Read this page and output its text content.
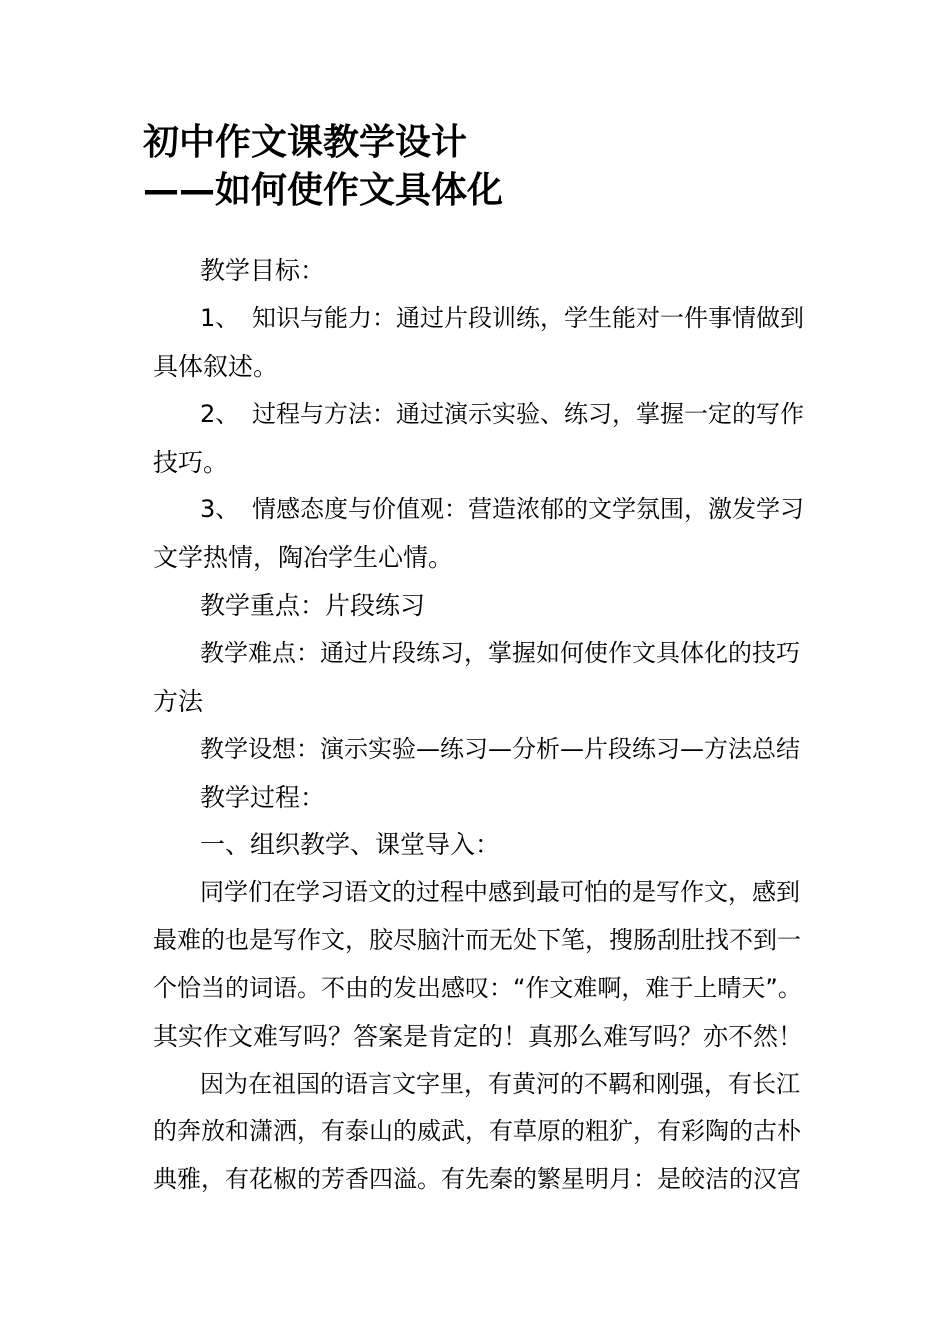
初中作文课教学设计
——如何使作文具体化

教学目标：

1、 知识与能力：通过片段训练，学生能对一件事情做到

具体叙述。

2、 过程与方法：通过演示实验、练习，掌握一定的写作

技巧。

3、 情感态度与价值观：营造浓郁的文学氛围，激发学习

文学热情，陶冶学生心情。

教学重点：片段练习

教学难点：通过片段练习，掌握如何使作文具体化的技巧

方法

教学设想：演示实验—练习—分析—片段练习—方法总结

教学过程：

一、组织教学、课堂导入：

同学们在学习语文的过程中感到最可怕的是写作文，感到

最难的也是写作文，胶尽脑汁而无处下笔，搜肠刮肚找不到一

个恰当的词语。不由的发出感叹：“作文难啊，难于上晴天”。

其实作文难写吗？答案是肯定的！真那么难写吗？亦不然！

因为在祖国的语言文字里，有黄河的不羁和刚强，有长江

的奔放和潇洒，有泰山的威武，有草原的粗犷，有彩陶的古朴

典雅，有花椒的芳香四溢。有先秦的繁星明月：是皎洁的汉宫
